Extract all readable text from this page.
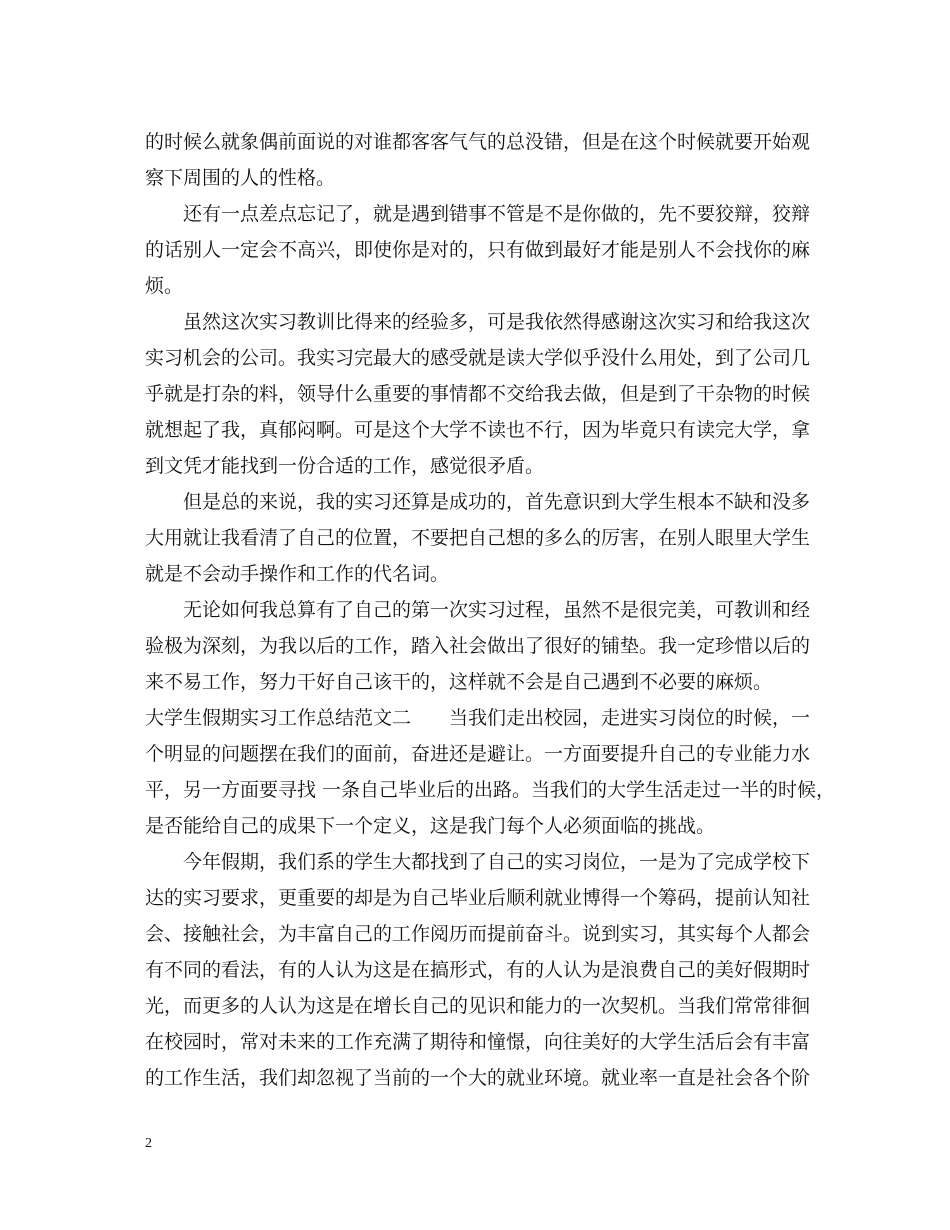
的时候么就象偶前面说的对谁都客客气气的总没错，但是在这个时候就要开始观
察下周围的人的性格。
还有一点差点忘记了，就是遇到错事不管是不是你做的，先不要狡辩，狡辩
的话别人一定会不高兴，即使你是对的，只有做到最好才能是别人不会找你的麻
烦。
虽然这次实习教训比得来的经验多，可是我依然得感谢这次实习和给我这次
实习机会的公司。我实习完最大的感受就是读大学似乎没什么用处，到了公司几
乎就是打杂的料，领导什么重要的事情都不交给我去做，但是到了干杂物的时候
就想起了我，真郁闷啊。可是这个大学不读也不行，因为毕竟只有读完大学，拿
到文凭才能找到一份合适的工作，感觉很矛盾。
但是总的来说，我的实习还算是成功的，首先意识到大学生根本不缺和没多
大用就让我看清了自己的位置，不要把自己想的多么的厉害，在别人眼里大学生
就是不会动手操作和工作的代名词。
无论如何我总算有了自己的第一次实习过程，虽然不是很完美，可教训和经
验极为深刻，为我以后的工作，踏入社会做出了很好的铺垫。我一定珍惜以后的
来不易工作，努力干好自己该干的，这样就不会是自己遇到不必要的麻烦。
大学生假期实习工作总结范文二　　当我们走出校园，走进实习岗位的时候，一
个明显的问题摆在我们的面前，奋进还是避让。一方面要提升自己的专业能力水
平，另一方面要寻找 一条自己毕业后的出路。当我们的大学生活走过一半的时候，
是否能给自己的成果下一个定义，这是我门每个人必须面临的挑战。
今年假期，我们系的学生大都找到了自己的实习岗位，一是为了完成学校下
达的实习要求，更重要的却是为自己毕业后顺利就业博得一个筹码，提前认知社
会、接触社会，为丰富自己的工作阅历而提前奋斗。说到实习，其实每个人都会
有不同的看法，有的人认为这是在搞形式，有的人认为是浪费自己的美好假期时
光，而更多的人认为这是在增长自己的见识和能力的一次契机。当我们常常徘徊
在校园时，常对未来的工作充满了期待和憧憬，向往美好的大学生活后会有丰富
的工作生活，我们却忽视了当前的一个大的就业环境。就业率一直是社会各个阶
2
